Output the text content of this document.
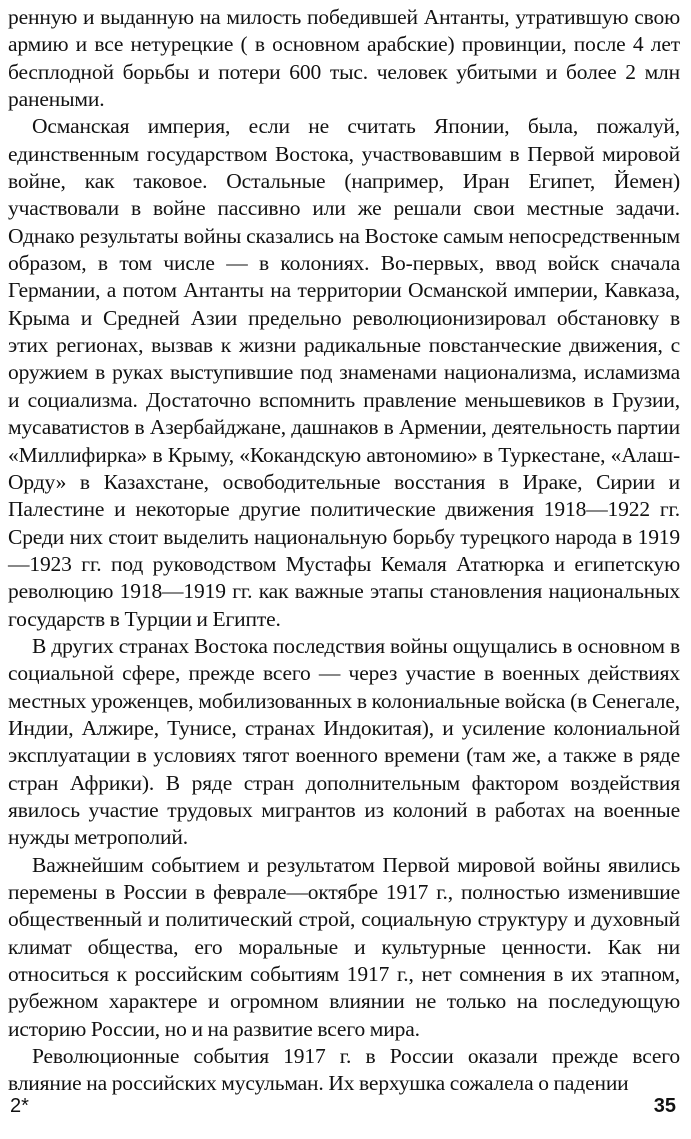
ренную и выданную на милость победившей Антанты, утратившую свою армию и все нетурецкие ( в основном арабские) провинции, после 4 лет бесплодной борьбы и потери 600 тыс. человек убитыми и более 2 млн ранеными.

Османская империя, если не считать Японии, была, пожалуй, единственным государством Востока, участвовавшим в Первой мировой войне, как таковое. Остальные (например, Иран Египет, Йемен) участвовали в войне пассивно или же решали свои местные задачи. Однако результаты войны сказались на Востоке самым непосредственным образом, в том числе — в колониях. Во-первых, ввод войск сначала Германии, а потом Антанты на территории Османской империи, Кавказа, Крыма и Средней Азии предельно революционизировал обстановку в этих регионах, вызвав к жизни радикальные повстанческие движения, с оружием в руках выступившие под знаменами национализма, исламизма и социализма. Достаточно вспомнить правление меньшевиков в Грузии, мусаватистов в Азербайджане, дашнаков в Армении, деятельность партии «Миллифирка» в Крыму, «Кокандскую автономию» в Туркестане, «Алаш-Орду» в Казахстане, освободительные восстания в Ираке, Сирии и Палестине и некоторые другие политические движения 1918—1922 гг. Среди них стоит выделить национальную борьбу турецкого народа в 1919—1923 гг. под руководством Мустафы Кемаля Ататюрка и египетскую революцию 1918—1919 гг. как важные этапы становления национальных государств в Турции и Египте.

В других странах Востока последствия войны ощущались в основном в социальной сфере, прежде всего — через участие в военных действиях местных уроженцев, мобилизованных в колониальные войска (в Сенегале, Индии, Алжире, Тунисе, странах Индокитая), и усиление колониальной эксплуатации в условиях тягот военного времени (там же, а также в ряде стран Африки). В ряде стран дополнительным фактором воздействия явилось участие трудовых мигрантов из колоний в работах на военные нужды метрополий.

Важнейшим событием и результатом Первой мировой войны явились перемены в России в феврале—октябре 1917 г., полностью изменившие общественный и политический строй, социальную структуру и духовный климат общества, его моральные и культурные ценности. Как ни относиться к российским событиям 1917 г., нет сомнения в их этапном, рубежном характере и огромном влиянии не только на последующую историю России, но и на развитие всего мира.

Революционные события 1917 г. в России оказали прежде всего влияние на российских мусульман. Их верхушка сожалела о падении

2*	35
